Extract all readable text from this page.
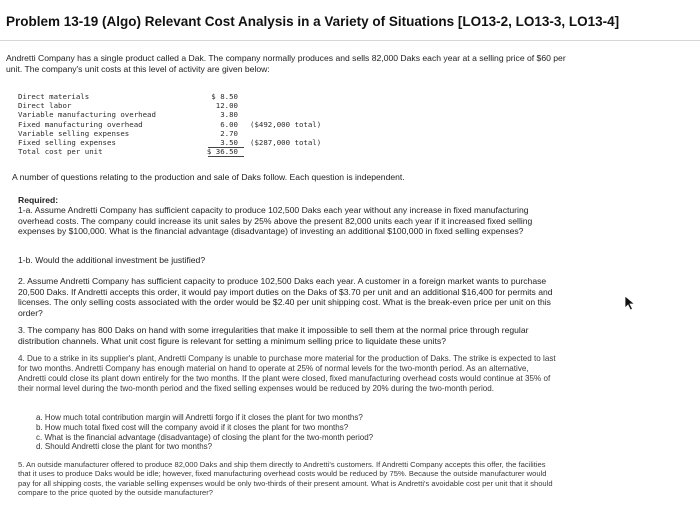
Problem 13-19 (Algo) Relevant Cost Analysis in a Variety of Situations [LO13-2, LO13-3, LO13-4]
Andretti Company has a single product called a Dak. The company normally produces and sells 82,000 Daks each year at a selling price of $60 per unit. The company's unit costs at this level of activity are given below:
Direct materials	$ 8.50
Direct labor	12.00
Variable manufacturing overhead	3.80
Fixed manufacturing overhead	6.00 ($492,000 total)
Variable selling expenses	2.70
Fixed selling expenses	3.50 ($287,000 total)
Total cost per unit	$ 36.50
A number of questions relating to the production and sale of Daks follow. Each question is independent.
Required:
1-a. Assume Andretti Company has sufficient capacity to produce 102,500 Daks each year without any increase in fixed manufacturing overhead costs. The company could increase its unit sales by 25% above the present 82,000 units each year if it increased fixed selling expenses by $100,000. What is the financial advantage (disadvantage) of investing an additional $100,000 in fixed selling expenses?
1-b. Would the additional investment be justified?
2. Assume Andretti Company has sufficient capacity to produce 102,500 Daks each year. A customer in a foreign market wants to purchase 20,500 Daks. If Andretti accepts this order, it would pay import duties on the Daks of $3.70 per unit and an additional $16,400 for permits and licenses. The only selling costs associated with the order would be $2.40 per unit shipping cost. What is the break-even price per unit on this order?
3. The company has 800 Daks on hand with some irregularities that make it impossible to sell them at the normal price through regular distribution channels. What unit cost figure is relevant for setting a minimum selling price to liquidate these units?
4. Due to a strike in its supplier's plant, Andretti Company is unable to purchase more material for the production of Daks. The strike is expected to last for two months. Andretti Company has enough material on hand to operate at 25% of normal levels for the two-month period. As an alternative, Andretti could close its plant down entirely for the two months. If the plant were closed, fixed manufacturing overhead costs would continue at 35% of their normal level during the two-month period and the fixed selling expenses would be reduced by 20% during the two-month period.
a. How much total contribution margin will Andretti forgo if it closes the plant for two months?
b. How much total fixed cost will the company avoid if it closes the plant for two months?
c. What is the financial advantage (disadvantage) of closing the plant for the two-month period?
d. Should Andretti close the plant for two months?
5. An outside manufacturer offered to produce 82,000 Daks and ship them directly to Andretti's customers. If Andretti Company accepts this offer, the facilities that it uses to produce Daks would be idle; however, fixed manufacturing overhead costs would be reduced by 75%. Because the outside manufacturer would pay for all shipping costs, the variable selling expenses would be only two-thirds of their present amount. What is Andretti's avoidable cost per unit that it should compare to the price quoted by the outside manufacturer?
